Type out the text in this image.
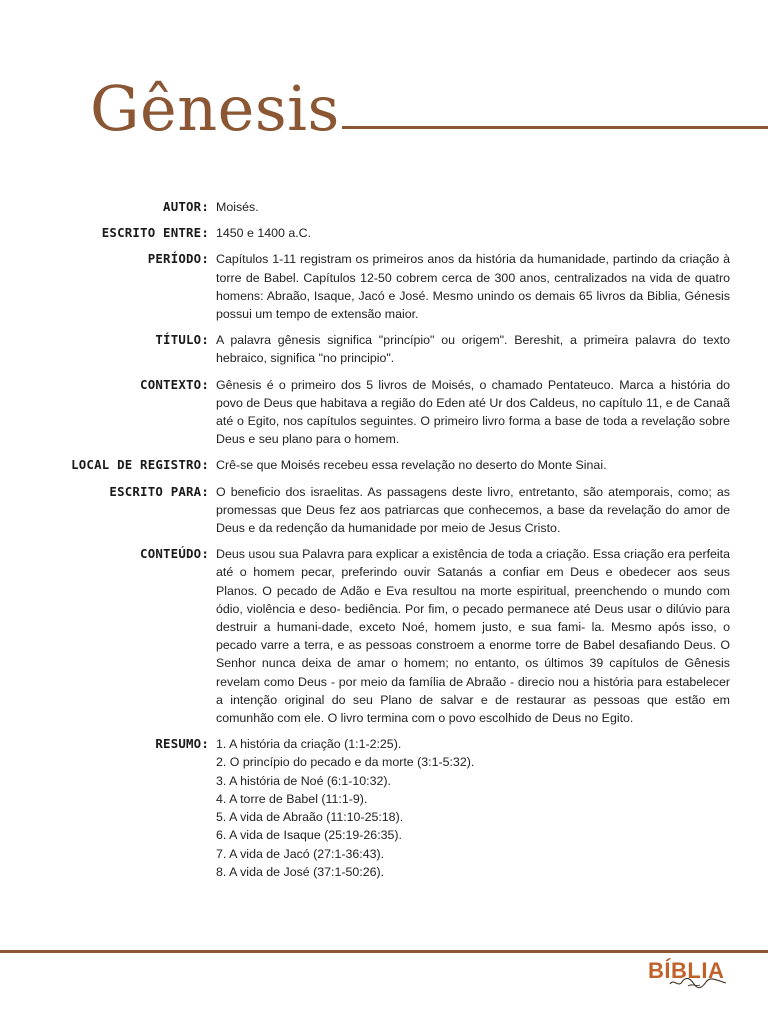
Gênesis
AUTOR: Moisés.
ESCRITO ENTRE: 1450 e 1400 a.C.
PERÍODO: Capítulos 1-11 registram os primeiros anos da história da humanidade, partindo da criação à torre de Babel. Capítulos 12-50 cobrem cerca de 300 anos, centralizados na vida de quatro homens: Abraão, Isaque, Jacó e José. Mesmo unindo os demais 65 livros da Biblia, Génesis possui um tempo de extensão maior.
TÍTULO: A palavra gênesis significa "princípio" ou origem". Bereshit, a primeira palavra do texto hebraico, significa "no principio".
CONTEXTO: Gênesis é o primeiro dos 5 livros de Moisés, o chamado Pentateuco. Marca a história do povo de Deus que habitava a região do Eden até Ur dos Caldeus, no capítulo 11, e de Canaã até o Egito, nos capítulos seguintes. O primeiro livro forma a base de toda a revelação sobre Deus e seu plano para o homem.
LOCAL DE REGISTRO: Crê-se que Moisés recebeu essa revelação no deserto do Monte Sinai.
ESCRITO PARA: O beneficio dos israelitas. As passagens deste livro, entretanto, são atemporais, como; as promessas que Deus fez aos patriarcas que conhecemos, a base da revelação do amor de Deus e da redenção da humanidade por meio de Jesus Cristo.
CONTEÚDO: Deus usou sua Palavra para explicar a existência de toda a criação. Essa criação era perfeita até o homem pecar, preferindo ouvir Satanás a confiar em Deus e obedecer aos seus Planos. O pecado de Adão e Eva resultou na morte espiritual, preenchendo o mundo com ódio, violência e deso- bediência. Por fim, o pecado permanece até Deus usar o dilúvio para destruir a humani-dade, exceto Noé, homem justo, e sua fami- la. Mesmo após isso, o pecado varre a terra, e as pessoas constroem a enorme torre de Babel desafiando Deus. O Senhor nunca deixa de amar o homem; no entanto, os últimos 39 capítulos de Gênesis revelam como Deus - por meio da família de Abraão - direcio nou a história para estabelecer a intenção original do seu Plano de salvar e de restaurar as pessoas que estão em comunhão com ele. O livro termina com o povo escolhido de Deus no Egito.
RESUMO: 1. A história da criação (1:1-2:25).
2. O princípio do pecado e da morte (3:1-5:32).
3. A história de Noé (6:1-10:32).
4. A torre de Babel (11:1-9).
5. A vida de Abraão (11:10-25:18).
6. A vida de Isaque (25:19-26:35).
7. A vida de Jacó (27:1-36:43).
8. A vida de José (37:1-50:26).
BÍBLIA
